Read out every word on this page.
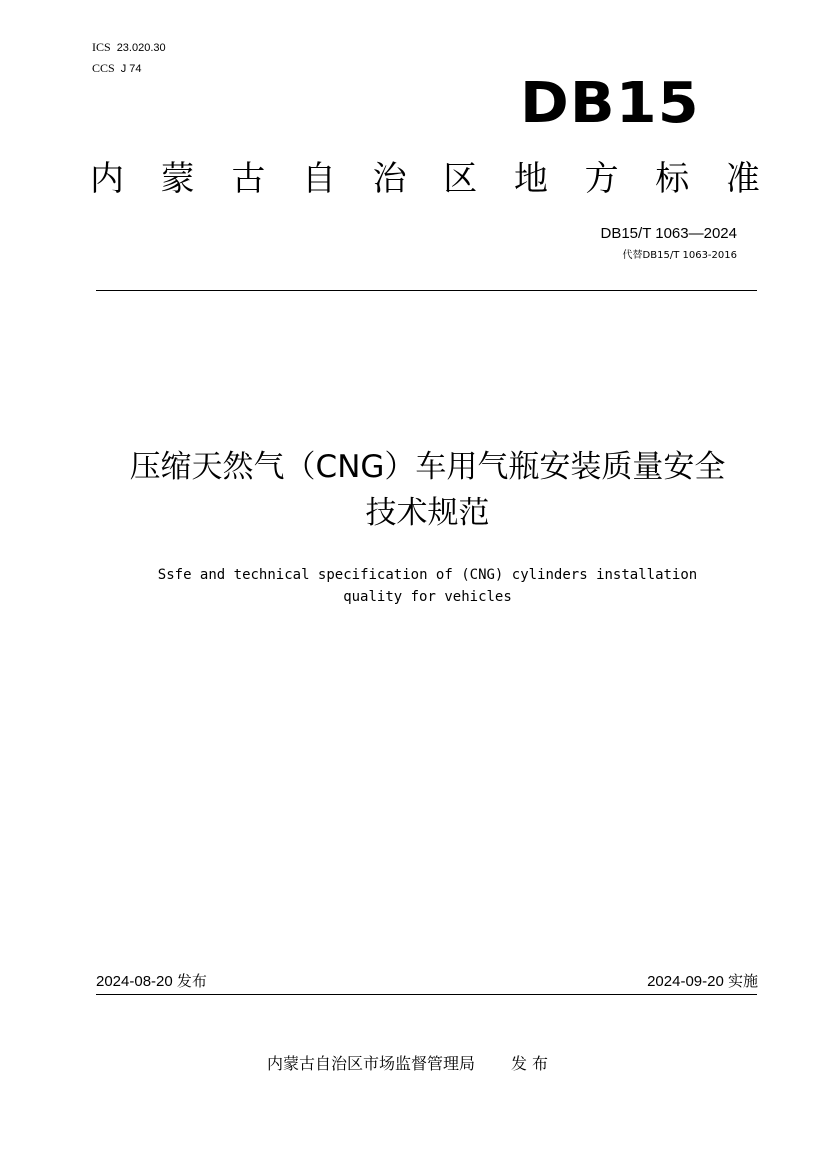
ICS 23.020.30
CCS J 74
DB15
内 蒙 古 自 治 区 地 方 标 准
DB15/T 1063—2024
代替DB15/T 1063-2016
压缩天然气（CNG）车用气瓶安装质量安全
技术规范
Ssfe and technical specification of (CNG) cylinders installation
quality for vehicles
2024-08-20 发布	2024-09-20 实施
内蒙古自治区市场监督管理局 发 布
